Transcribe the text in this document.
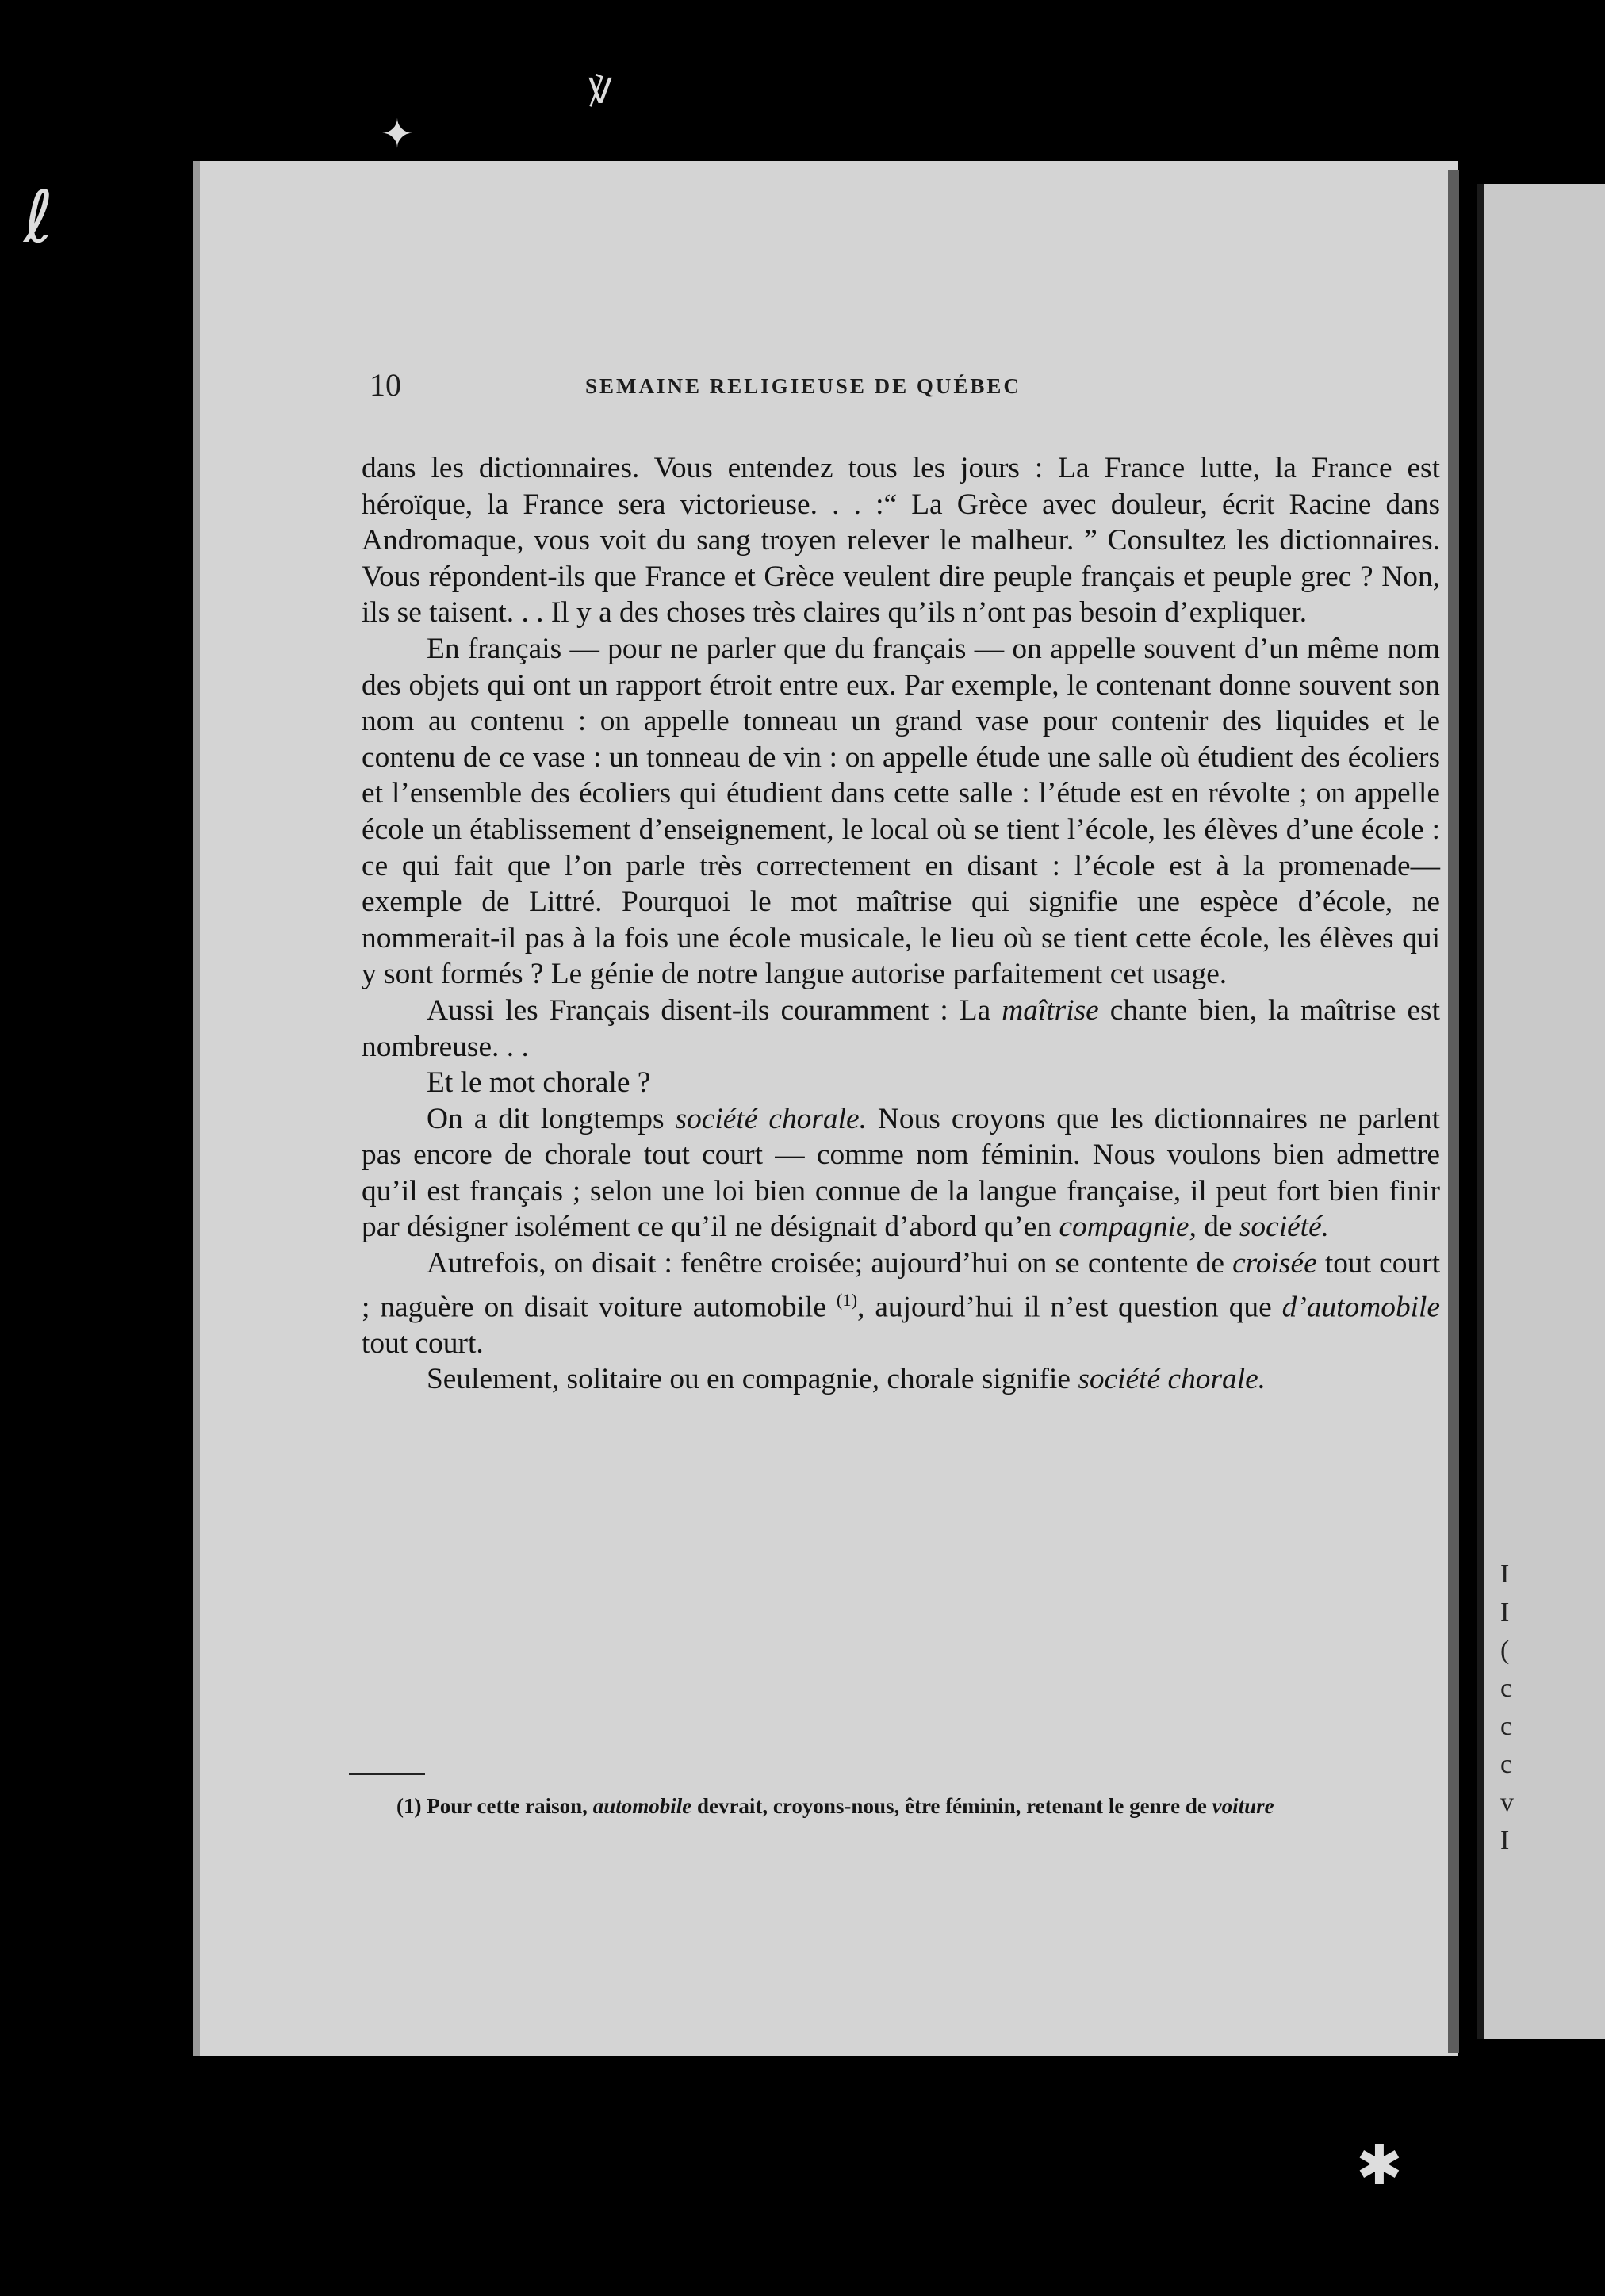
ℓ
✦
℣
✱
I
I
(
c
c
c
v
I
10	SEMAINE RELIGIEUSE DE QUÉBEC

dans les dictionnaires. Vous entendez tous les jours : La France lutte, la France est héroïque, la France sera victorieuse. . . :“ La Grèce avec douleur, écrit Racine dans Andromaque, vous voit du sang troyen relever le malheur. ” Consultez les dictionnaires. Vous répondent-ils que France et Grèce veulent dire peuple français et peuple grec ? Non, ils se taisent. . . Il y a des choses très claires qu’ils n’ont pas besoin d’expliquer.

En français — pour ne parler que du français — on appelle souvent d’un même nom des objets qui ont un rapport étroit entre eux. Par exemple, le contenant donne souvent son nom au contenu : on appelle tonneau un grand vase pour contenir des liquides et le contenu de ce vase : un tonneau de vin : on appelle étude une salle où étudient des écoliers et l’ensemble des écoliers qui étudient dans cette salle : l’étude est en révolte ; on appelle école un établissement d’enseignement, le local où se tient l’école, les élèves d’une école : ce qui fait que l’on parle très correctement en disant : l’école est à la promenade—exemple de Littré. Pourquoi le mot maîtrise qui signifie une espèce d’école, ne nommerait-il pas à la fois une école musicale, le lieu où se tient cette école, les élèves qui y sont formés ? Le génie de notre langue autorise parfaitement cet usage.

Aussi les Français disent-ils couramment : La maîtrise chante bien, la maîtrise est nombreuse. . .

Et le mot chorale ?

On a dit longtemps société chorale. Nous croyons que les dictionnaires ne parlent pas encore de chorale tout court — comme nom féminin. Nous voulons bien admettre qu’il est français ; selon une loi bien connue de la langue française, il peut fort bien finir par désigner isolément ce qu’il ne désignait d’abord qu’en compagnie, de société.

Autrefois, on disait : fenêtre croisée; aujourd’hui on se contente de croisée tout court ; naguère on disait voiture automobile $^{(1)}$, aujourd’hui il n’est question que d’automobile tout court.

Seulement, solitaire ou en compagnie, chorale signifie société chorale.

(1) Pour cette raison, automobile devrait, croyons-nous, être féminin, retenant le genre de voiture
